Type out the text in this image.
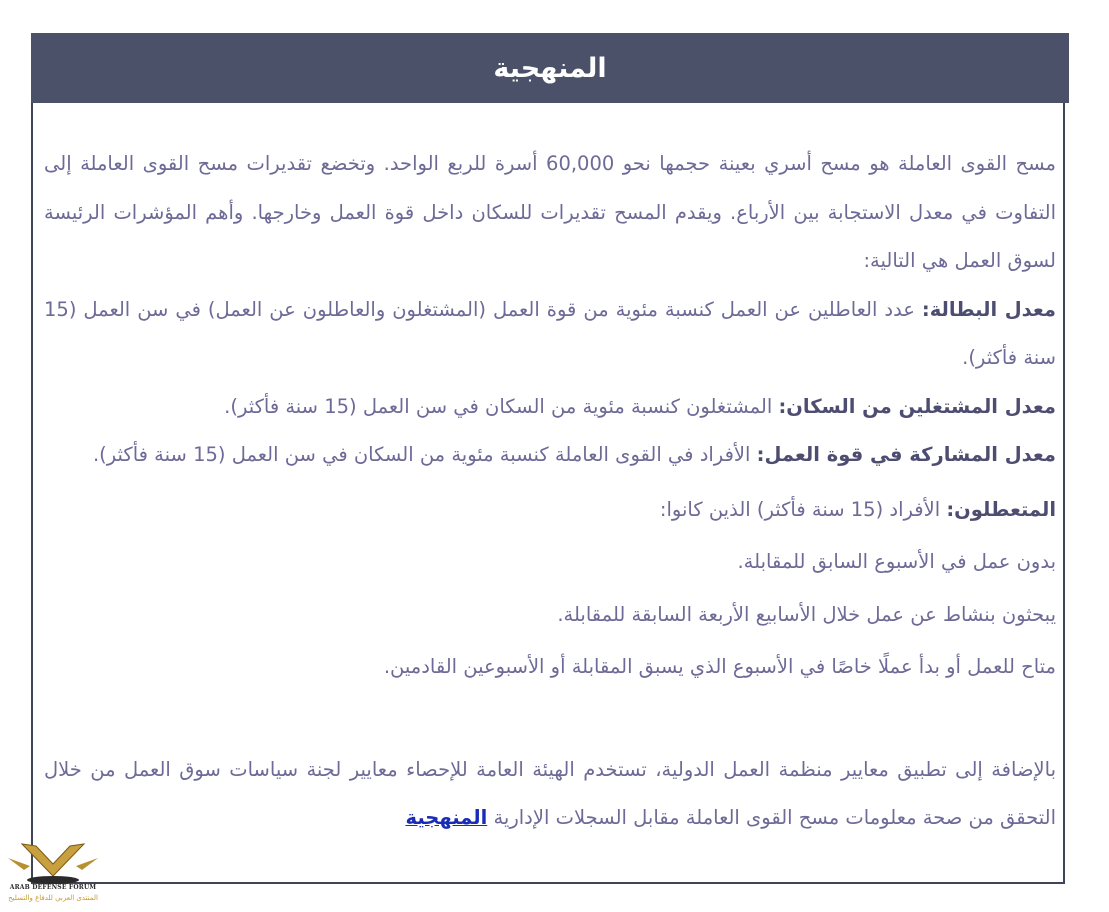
المنهجية

مسح القوى العاملة هو مسح أسري بعينة حجمها نحو 60,000 أسرة للربع الواحد. وتخضع تقديرات مسح القوى العاملة إلى التفاوت في معدل الاستجابة بين الأرباع. ويقدم المسح تقديرات للسكان داخل قوة العمل وخارجها. وأهم المؤشرات الرئيسة لسوق العمل هي التالية:

معدل البطالة: عدد العاطلين عن العمل كنسبة مئوية من قوة العمل (المشتغلون والعاطلون عن العمل) في سن العمل (15 سنة فأكثر).

معدل المشتغلين من السكان: المشتغلون كنسبة مئوية من السكان في سن العمل (15 سنة فأكثر).

معدل المشاركة في قوة العمل: الأفراد في القوى العاملة كنسبة مئوية من السكان في سن العمل (15 سنة فأكثر).

المتعطلون: الأفراد (15 سنة فأكثر) الذين كانوا:

بدون عمل في الأسبوع السابق للمقابلة.

يبحثون بنشاط عن عمل خلال الأسابيع الأربعة السابقة للمقابلة.

متاح للعمل أو بدأ عملًا خاصًا في الأسبوع الذي يسبق المقابلة أو الأسبوعين القادمين.

بالإضافة إلى تطبيق معايير منظمة العمل الدولية، تستخدم الهيئة العامة للإحصاء معايير لجنة سياسات سوق العمل من خلال التحقق من صحة معلومات مسح القوى العاملة مقابل السجلات الإدارية المنهجية

ARAB DEFENSE FORUM
المنتدى العربي للدفاع والتسليح
